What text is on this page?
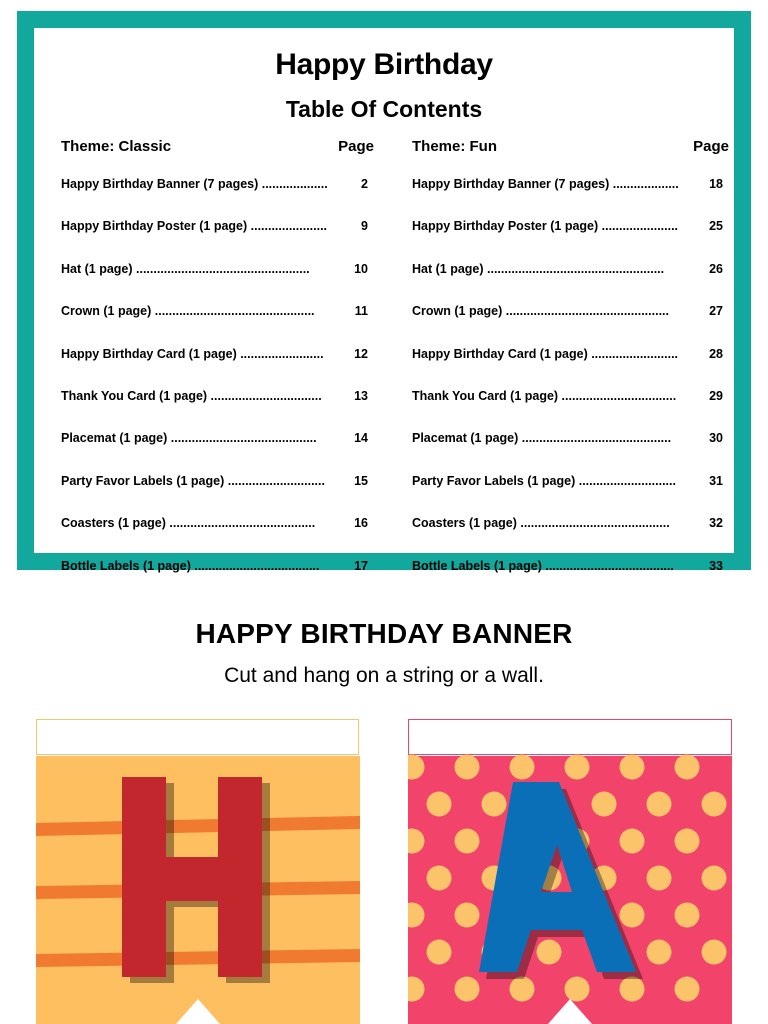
Happy Birthday
Table Of Contents
Theme: Classic	Page
Happy Birthday Banner (7 pages) ...................	2
Happy Birthday Poster (1 page) ......................	9
Hat (1 page) ..................................................	10
Crown (1 page) ..............................................	11
Happy Birthday Card (1 page) ........................	12
Thank You Card (1 page) ................................	13
Placemat (1 page) ..........................................	14
Party Favor Labels (1 page) ............................	15
Coasters (1 page) ..........................................	16
Bottle Labels (1 page) ....................................	17
Theme: Fun	Page
Happy Birthday Banner (7 pages) ...................	18
Happy Birthday Poster (1 page) ......................	25
Hat (1 page) ...................................................	26
Crown (1 page) ...............................................	27
Happy Birthday Card (1 page) .........................	28
Thank You Card (1 page) .................................	29
Placemat (1 page) ...........................................	30
Party Favor Labels (1 page) ............................	31
Coasters (1 page) ...........................................	32
Bottle Labels (1 page) .....................................	33
HAPPY BIRTHDAY BANNER
Cut and hang on a string or a wall.
